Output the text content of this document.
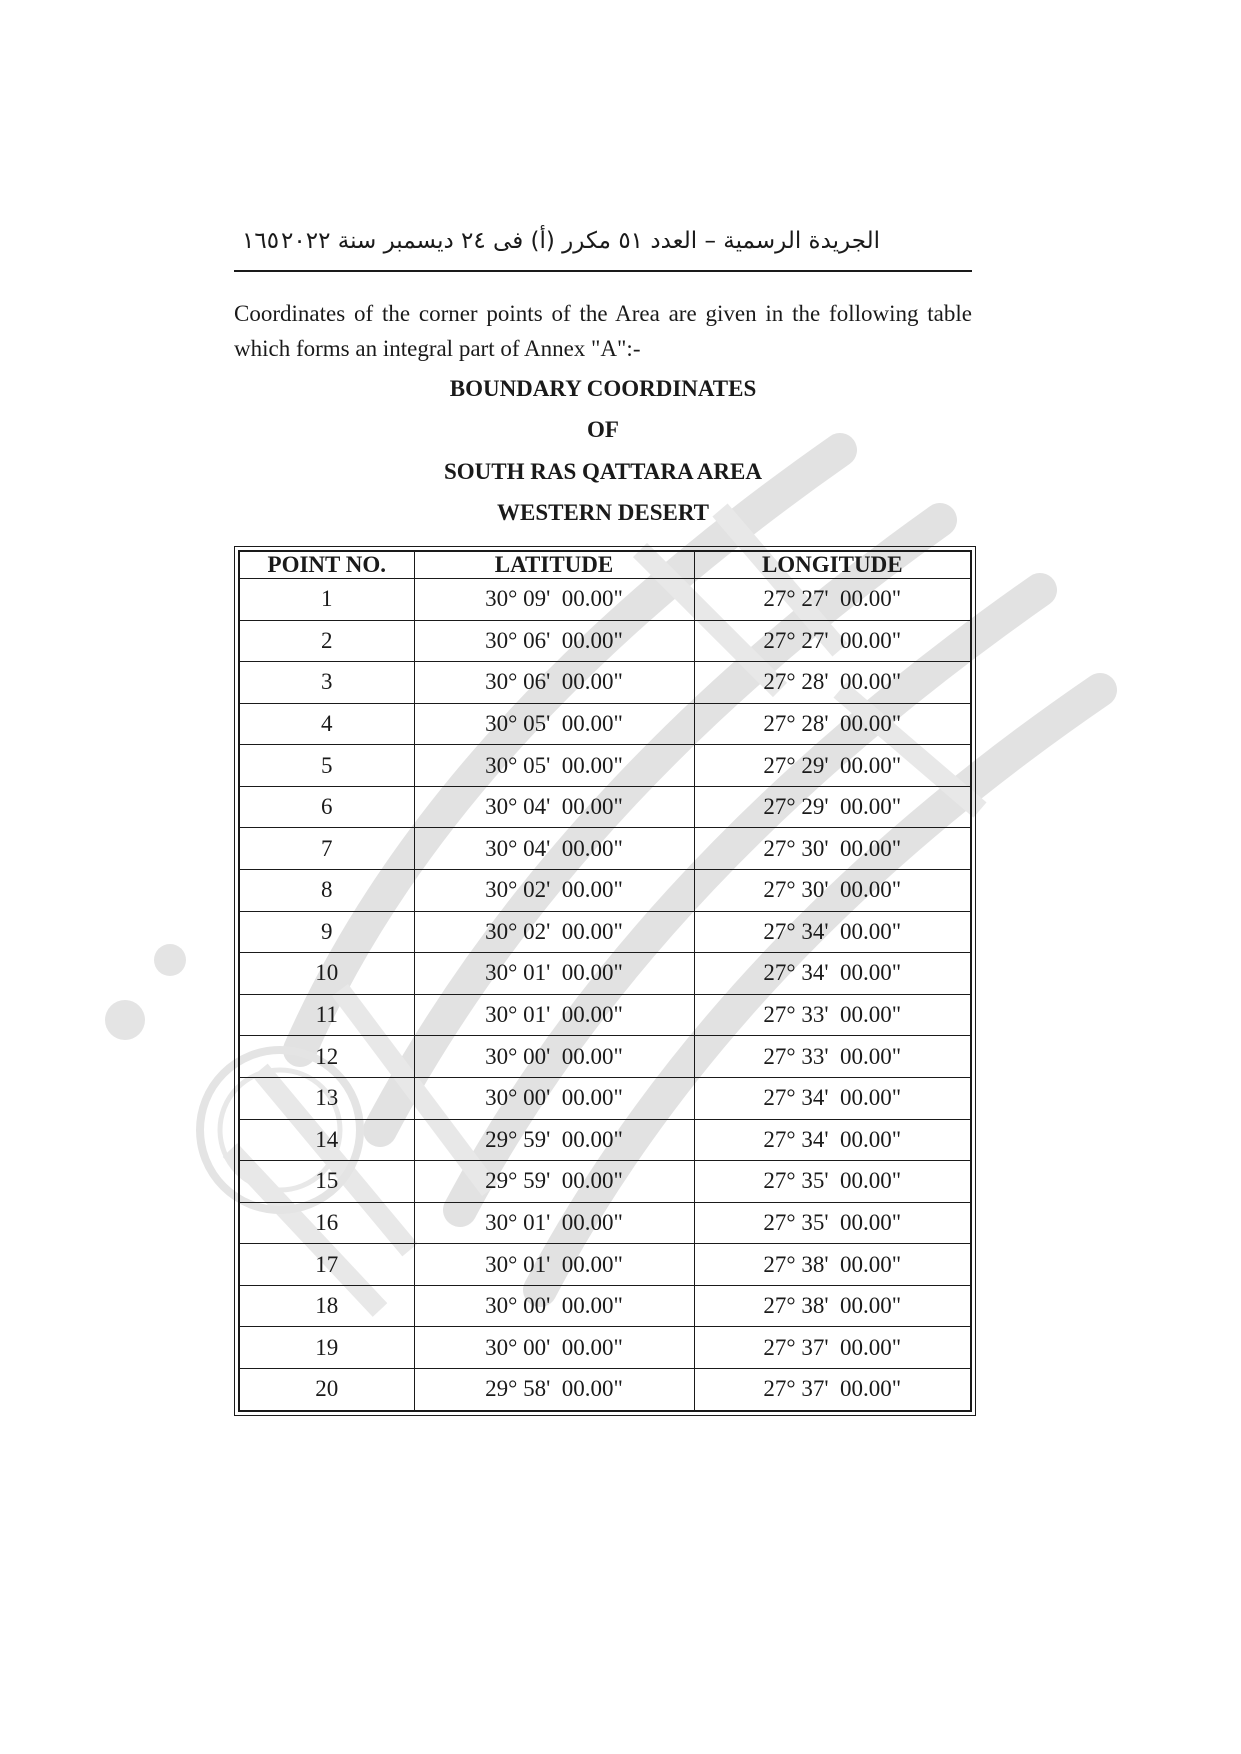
١٦٥ الجريدة الرسمية – العدد ٥١ مكرر (أ) فى ٢٤ ديسمبر سنة ٢٠٢٢
Coordinates of the corner points of the Area are given in the following table which forms an integral part of Annex "A":-
BOUNDARY COORDINATES
OF
SOUTH RAS QATTARA AREA
WESTERN DESERT
POINT NO.	LATITUDE	LONGITUDE
1	30° 09'  00.00"	27° 27'  00.00"
2	30° 06'  00.00"	27° 27'  00.00"
3	30° 06'  00.00"	27° 28'  00.00"
4	30° 05'  00.00"	27° 28'  00.00"
5	30° 05'  00.00"	27° 29'  00.00"
6	30° 04'  00.00"	27° 29'  00.00"
7	30° 04'  00.00"	27° 30'  00.00"
8	30° 02'  00.00"	27° 30'  00.00"
9	30° 02'  00.00"	27° 34'  00.00"
10	30° 01'  00.00"	27° 34'  00.00"
11	30° 01'  00.00"	27° 33'  00.00"
12	30° 00'  00.00"	27° 33'  00.00"
13	30° 00'  00.00"	27° 34'  00.00"
14	29° 59'  00.00"	27° 34'  00.00"
15	29° 59'  00.00"	27° 35'  00.00"
16	30° 01'  00.00"	27° 35'  00.00"
17	30° 01'  00.00"	27° 38'  00.00"
18	30° 00'  00.00"	27° 38'  00.00"
19	30° 00'  00.00"	27° 37'  00.00"
20	29° 58'  00.00"	27° 37'  00.00"
